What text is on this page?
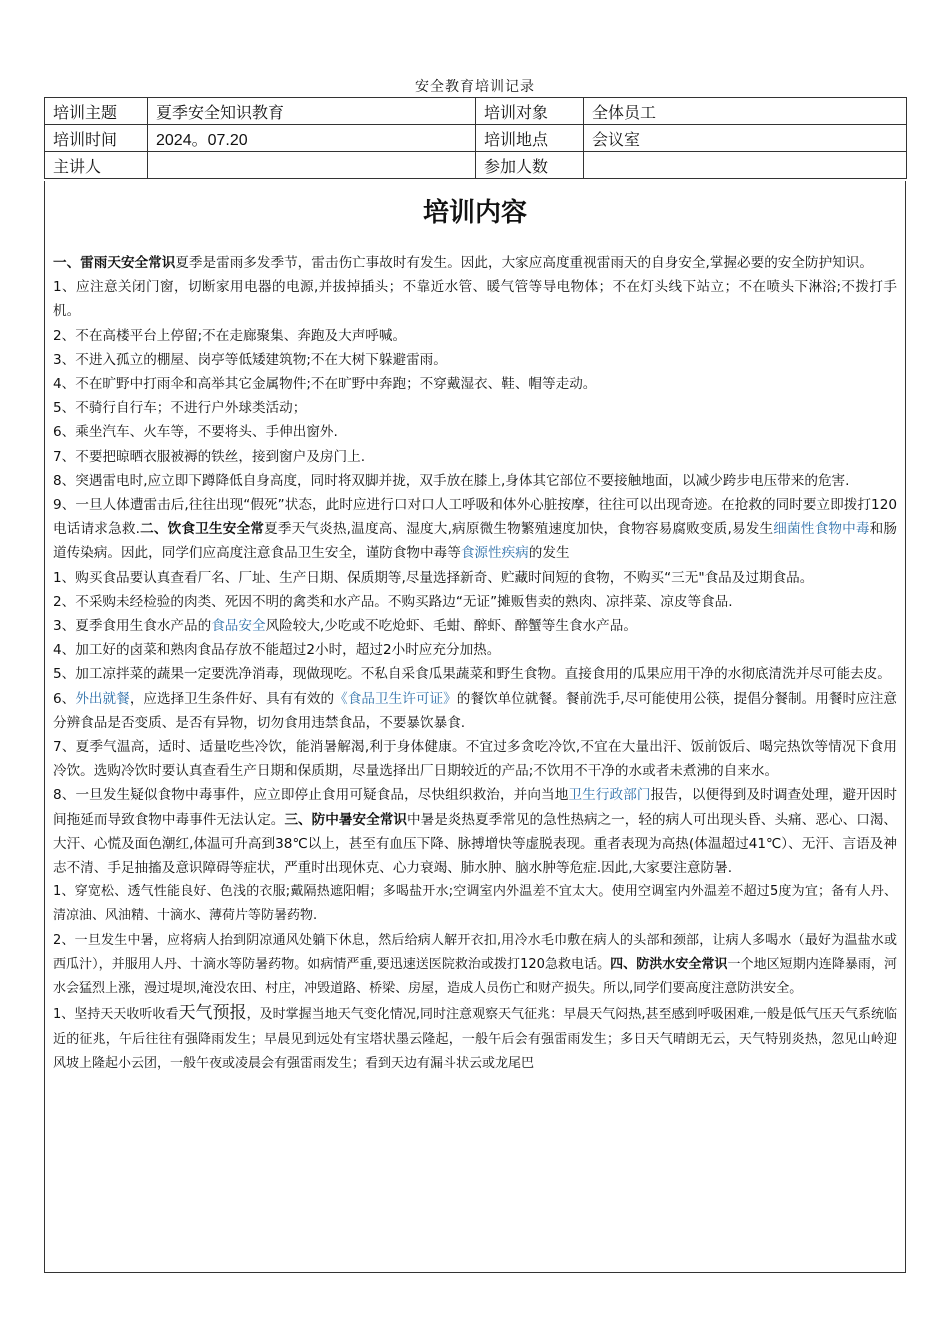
安全教育培训记录
培训主题	夏季安全知识教育	培训对象	全体员工
培训时间	2024。07.20	培训地点	会议室
主讲人		参加人数	
培训内容

一、雷雨天安全常识夏季是雷雨多发季节，雷击伤亡事故时有发生。因此，大家应高度重视雷雨天的自身安全,掌握必要的安全防护知识。

1、应注意关闭门窗，切断家用电器的电源,并拔掉插头；不靠近水管、暖气管等导电物体；不在灯头线下站立；不在喷头下淋浴;不拨打手机。

2、不在高楼平台上停留;不在走廊聚集、奔跑及大声呼喊。

3、不进入孤立的棚屋、岗亭等低矮建筑物;不在大树下躲避雷雨。

4、不在旷野中打雨伞和高举其它金属物件;不在旷野中奔跑；不穿戴湿衣、鞋、帽等走动。

5、不骑行自行车；不进行户外球类活动；

6、乘坐汽车、火车等，不要将头、手伸出窗外.

7、不要把晾晒衣服被褥的铁丝，接到窗户及房门上.

8、突遇雷电时,应立即下蹲降低自身高度，同时将双脚并拢，双手放在膝上,身体其它部位不要接触地面，以减少跨步电压带来的危害.

9、一旦人体遭雷击后,往往出现“假死”状态，此时应进行口对口人工呼吸和体外心脏按摩，往往可以出现奇迹。在抢救的同时要立即拨打120电话请求急救.二、饮食卫生安全常夏季天气炎热,温度高、湿度大,病原微生物繁殖速度加快，食物容易腐败变质,易发生细菌性食物中毒和肠道传染病。因此，同学们应高度注意食品卫生安全，谨防食物中毒等食源性疾病的发生

1、购买食品要认真查看厂名、厂址、生产日期、保质期等,尽量选择新奇、贮藏时间短的食物，不购买“三无"食品及过期食品。

2、不采购未经检验的肉类、死因不明的禽类和水产品。不购买路边“无证”摊贩售卖的熟肉、凉拌菜、凉皮等食品.

3、夏季食用生食水产品的食品安全风险较大,少吃或不吃炝虾、毛蚶、醉虾、醉蟹等生食水产品。

4、加工好的卤菜和熟肉食品存放不能超过2小时，超过2小时应充分加热。

5、加工凉拌菜的蔬果一定要洗净消毒，现做现吃。不私自采食瓜果蔬菜和野生食物。直接食用的瓜果应用干净的水彻底清洗并尽可能去皮。

6、外出就餐，应选择卫生条件好、具有有效的《食品卫生许可证》的餐饮单位就餐。餐前洗手,尽可能使用公筷，提倡分餐制。用餐时应注意分辨食品是否变质、是否有异物，切勿食用违禁食品，不要暴饮暴食.

7、夏季气温高，适时、适量吃些冷饮，能消暑解渴,利于身体健康。不宜过多贪吃冷饮,不宜在大量出汗、饭前饭后、喝完热饮等情况下食用冷饮。选购冷饮时要认真查看生产日期和保质期，尽量选择出厂日期较近的产品;不饮用不干净的水或者未煮沸的自来水。

8、一旦发生疑似食物中毒事件，应立即停止食用可疑食品，尽快组织救治，并向当地卫生行政部门报告，以便得到及时调查处理，避开因时间拖延而导致食物中毒事件无法认定。三、防中暑安全常识中暑是炎热夏季常见的急性热病之一，轻的病人可出现头昏、头痛、恶心、口渴、大汗、心慌及面色潮红,体温可升高到38℃以上，甚至有血压下降、脉搏增快等虚脱表现。重者表现为高热(体温超过41℃）、无汗、言语及神志不清、手足抽搐及意识障碍等症状，严重时出现休克、心力衰竭、肺水肿、脑水肿等危症.因此,大家要注意防暑.

1、穿宽松、透气性能良好、色浅的衣服;戴隔热遮阳帽；多喝盐开水;空调室内外温差不宜太大。使用空调室内外温差不超过5度为宜；备有人丹、清凉油、风油精、十滴水、薄荷片等防暑药物.

2、一旦发生中暑，应将病人抬到阴凉通风处躺下休息，然后给病人解开衣扣,用冷水毛巾敷在病人的头部和颈部，让病人多喝水（最好为温盐水或西瓜汁），并服用人丹、十滴水等防暑药物。如病情严重,要迅速送医院救治或拨打120急救电话。四、防洪水安全常识一个地区短期内连降暴雨，河水会猛烈上涨，漫过堤坝,淹没农田、村庄，冲毁道路、桥梁、房屋，造成人员伤亡和财产损失。所以,同学们要高度注意防洪安全。

1、坚持天天收听收看天气预报，及时掌握当地天气变化情况,同时注意观察天气征兆：早晨天气闷热,甚至感到呼吸困难,一般是低气压天气系统临近的征兆，午后往往有强降雨发生；早晨见到远处有宝塔状墨云隆起，一般午后会有强雷雨发生；多日天气晴朗无云，天气特别炎热，忽见山岭迎风坡上隆起小云团，一般午夜或凌晨会有强雷雨发生；看到天边有漏斗状云或龙尾巴
